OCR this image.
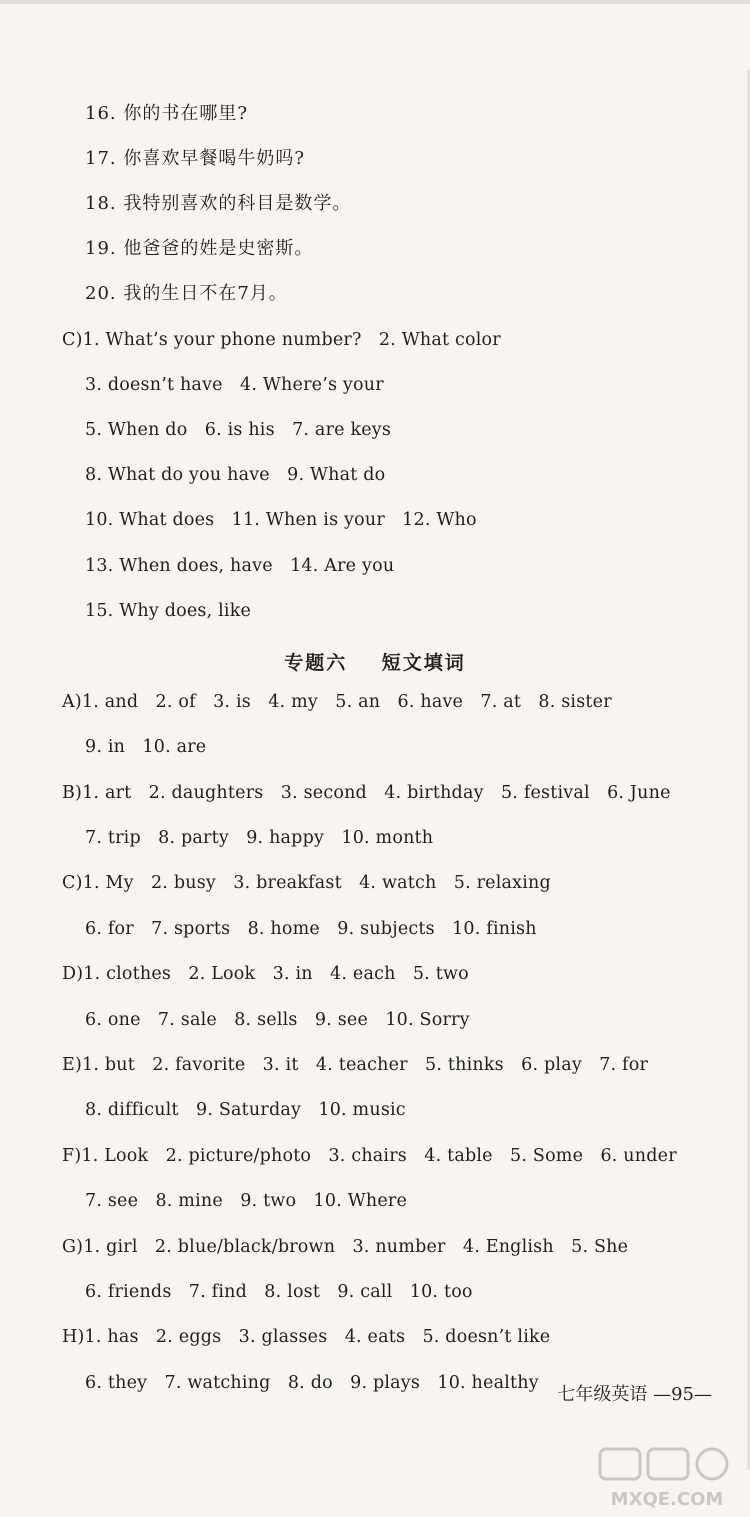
16. 你的书在哪里?
17. 你喜欢早餐喝牛奶吗?
18. 我特别喜欢的科目是数学。
19. 他爸爸的姓是史密斯。
20. 我的生日不在7月。
C)1. What’s your phone number?   2. What color
3. doesn’t have   4. Where’s your
5. When do   6. is his   7. are keys
8. What do you have   9. What do
10. What does   11. When is your   12. Who
13. When does, have   14. Are you
15. Why does, like
专题六    短文填词
A)1. and   2. of   3. is   4. my   5. an   6. have   7. at   8. sister
9. in   10. are
B)1. art   2. daughters   3. second   4. birthday   5. festival   6. June
7. trip   8. party   9. happy   10. month
C)1. My   2. busy   3. breakfast   4. watch   5. relaxing
6. for   7. sports   8. home   9. subjects   10. finish
D)1. clothes   2. Look   3. in   4. each   5. two
6. one   7. sale   8. sells   9. see   10. Sorry
E)1. but   2. favorite   3. it   4. teacher   5. thinks   6. play   7. for
8. difficult   9. Saturday   10. music
F)1. Look   2. picture/photo   3. chairs   4. table   5. Some   6. under
7. see   8. mine   9. two   10. Where
G)1. girl   2. blue/black/brown   3. number   4. English   5. She
6. friends   7. find   8. lost   9. call   10. too
H)1. has   2. eggs   3. glasses   4. eats   5. doesn’t like
6. they   7. watching   8. do   9. plays   10. healthy
七年级英语 —95—
MXQE.COM
